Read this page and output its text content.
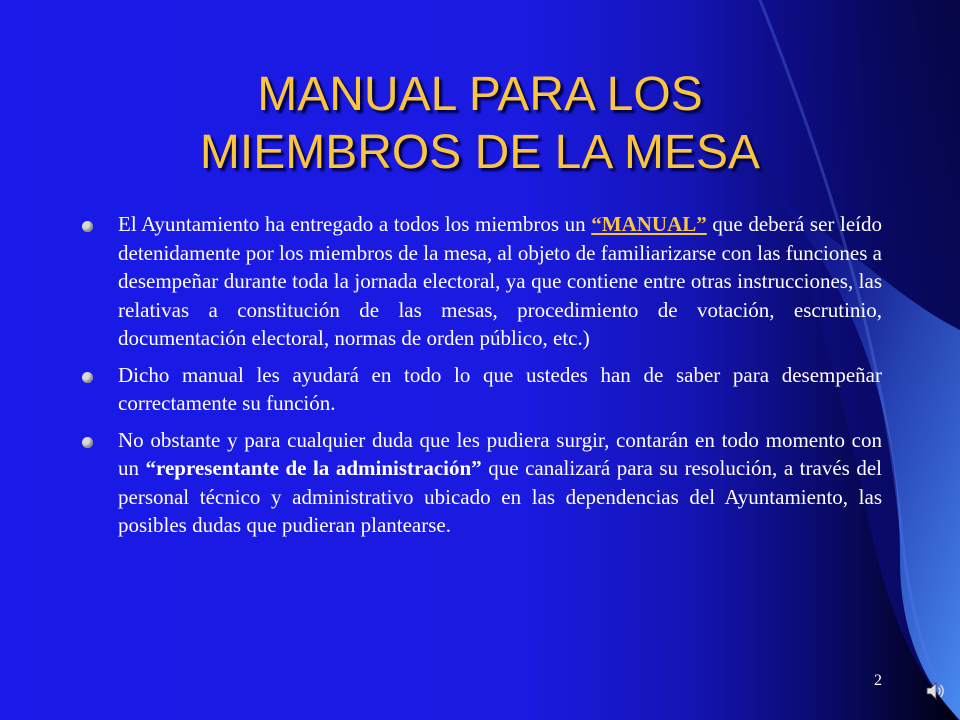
MANUAL PARA LOS
MIEMBROS DE LA MESA
El Ayuntamiento ha entregado a todos los miembros un “MANUAL” que deberá ser leído detenidamente por los miembros de la mesa, al objeto de familiarizarse con las funciones a desempeñar durante toda la jornada electoral, ya que contiene entre otras instrucciones, las relativas a constitución de las mesas, procedimiento de votación, escrutinio, documentación electoral, normas de orden público, etc.)
Dicho manual les ayudará en todo lo que ustedes han de saber para desempeñar correctamente su función.
No obstante y para cualquier duda que les pudiera surgir, contarán en todo momento con un “representante de la administración” que canalizará para su resolución, a través del personal técnico y administrativo ubicado en las dependencias del Ayuntamiento, las posibles dudas que pudieran plantearse.
2
